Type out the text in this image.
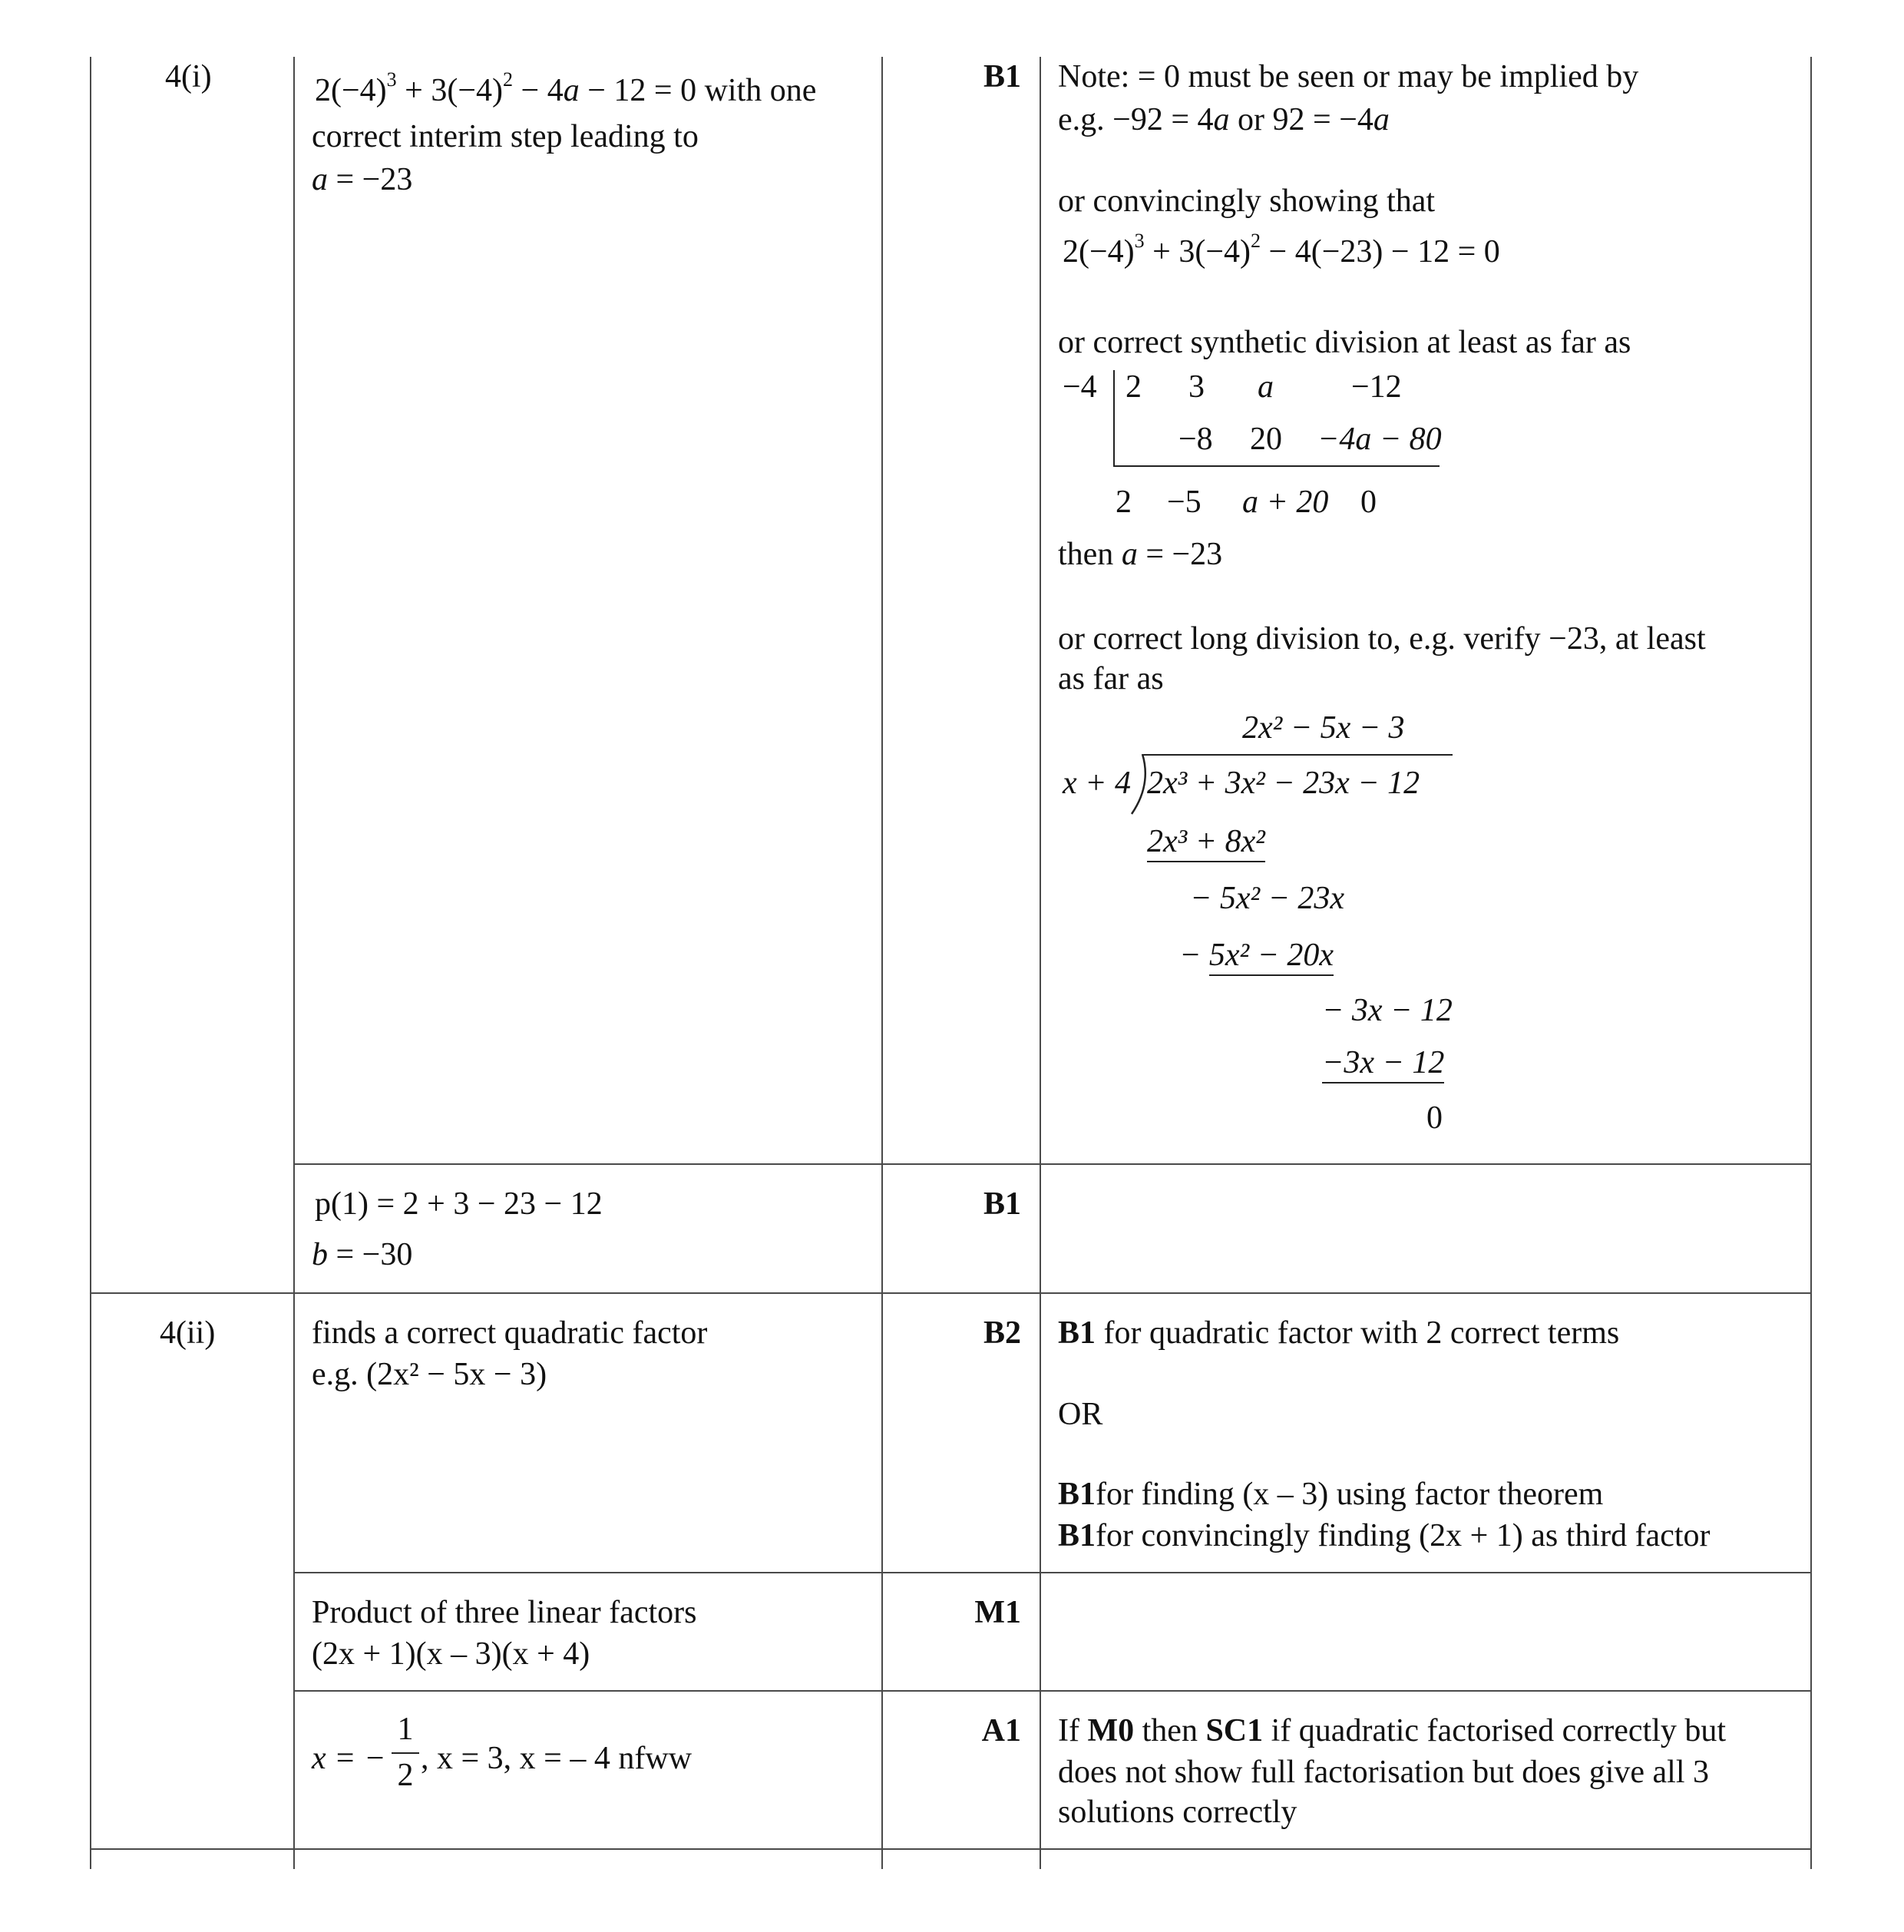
4(i)	$2(-4)^3 + 3(-4)^2 - 4a - 12 = 0$ with one
correct interim step leading to
a = −23
B1 Note: = 0 must be seen or may be implied by
e.g. −92 = 4a or 92 = −4a
or convincingly showing that
$2(-4)^3 + 3(-4)^2 - 4(-23) - 12 = 0$
or correct synthetic division at least as far as
−4 2 3 a −12
−8 20 −4a − 80
2 −5 a + 20 0
then a = −23
or correct long division to, e.g. verify −23, at least
as far as
2x² − 5x − 3
x + 4 2x³ + 3x² − 23x − 12
2x³ + 8x²
− 5x² − 23x
− 5x² − 20x
− 3x − 12
−3x − 12
0
p(1) = 2 + 3 − 23 − 12
b = −30
B1
4(ii)	finds a correct quadratic factor
e.g. (2x² − 5x − 3)
B2 B1 for quadratic factor with 2 correct terms
OR
B1for finding (x – 3) using factor theorem
B1for convincingly finding (2x + 1) as third factor
Product of three linear factors
(2x + 1)(x – 3)(x + 4)
M1
x = −
1
2 , x = 3, x = – 4 nfww
A1 If M0 then SC1 if quadratic factorised correctly but
does not show full factorisation but does give all 3
solutions correctly
